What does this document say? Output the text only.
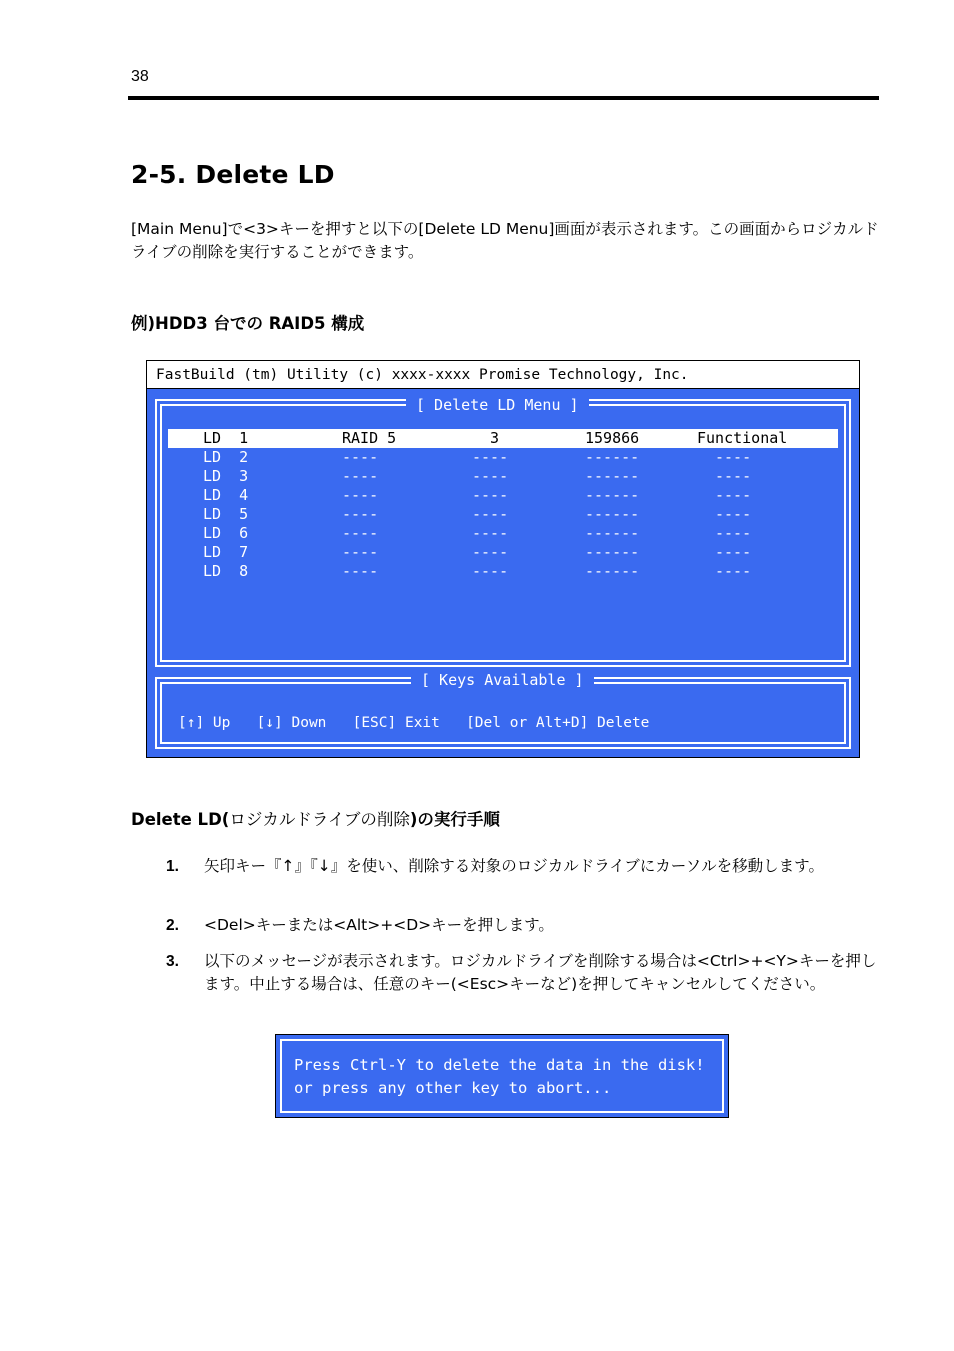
38
2-5. Delete LD
[Main Menu]で<3>キーを押すと以下の[Delete LD Menu]画面が表示されます。この画面からロジカルドライブの削除を実行することができます。
例)HDD3 台での RAID5 構成
FastBuild (tm) Utility (c) xxxx-xxxx Promise Technology, Inc.
[ Delete LD Menu ]
LD  1	RAID 5	3	159866	Functional
LD  2	----	----	------	----
LD  3	----	----	------	----
LD  4	----	----	------	----
LD  5	----	----	------	----
LD  6	----	----	------	----
LD  7	----	----	------	----
LD  8	----	----	------	----
[ Keys Available ]
[↑] Up   [↓] Down   [ESC] Exit   [Del or Alt+D] Delete
Delete LD(ロジカルドライブの削除)の実行手順
1. 矢印キー『↑』『↓』を使い、削除する対象のロジカルドライブにカーソルを移動します。
2. <Del>キーまたは<Alt>+<D>キーを押します。
3. 以下のメッセージが表示されます。ロジカルドライブを削除する場合は<Ctrl>+<Y>キーを押します。中止する場合は、任意のキー(<Esc>キーなど)を押してキャンセルしてください。
Press Ctrl-Y to delete the data in the disk!
or press any other key to abort...
